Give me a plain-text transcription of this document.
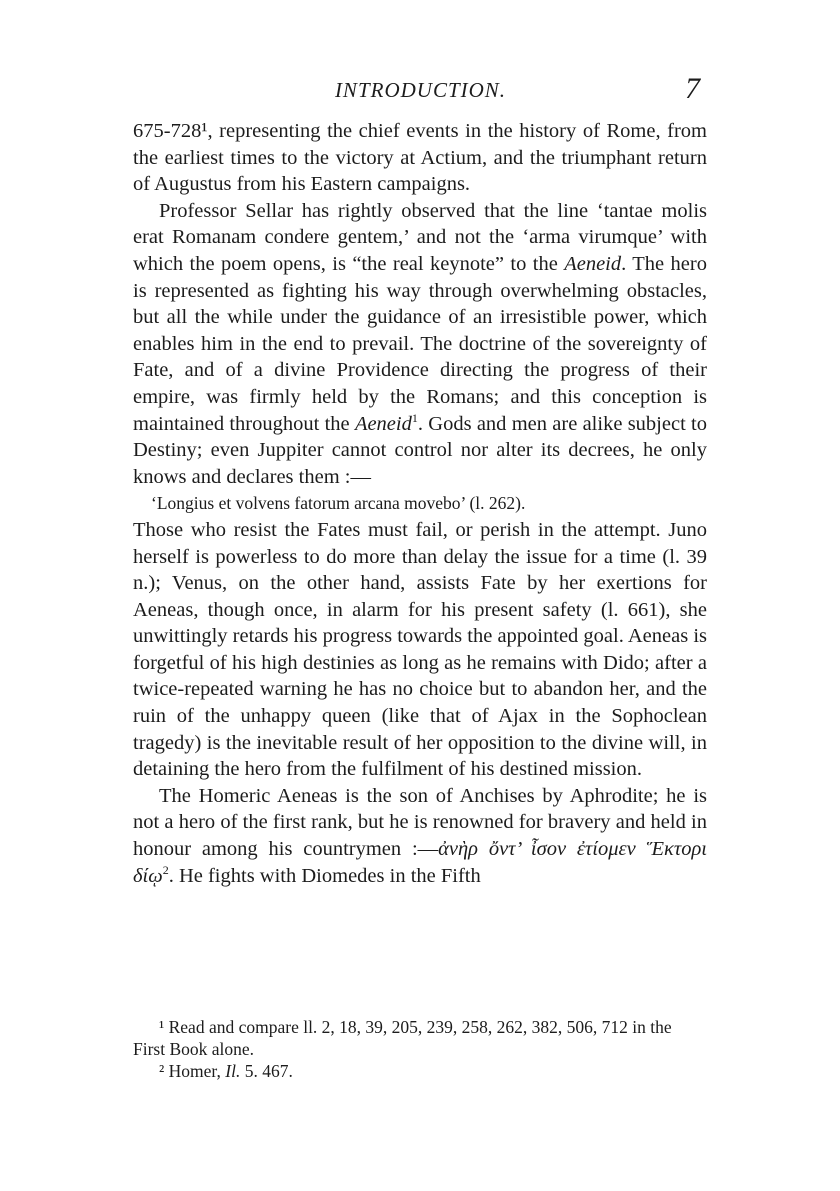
INTRODUCTION.	7

675-728¹, representing the chief events in the history of Rome, from the earliest times to the victory at Actium, and the triumphant return of Augustus from his Eastern campaigns.

Professor Sellar has rightly observed that the line ‘tantae molis erat Romanam condere gentem,’ and not the ‘arma virumque’ with which the poem opens, is “the real keynote” to the Aeneid. The hero is represented as fighting his way through overwhelming obstacles, but all the while under the guidance of an irresistible power, which enables him in the end to prevail. The doctrine of the sovereignty of Fate, and of a divine Providence directing the progress of their empire, was firmly held by the Romans; and this conception is maintained throughout the Aeneid$^1$. Gods and men are alike subject to Destiny; even Juppiter cannot control nor alter its decrees, he only knows and declares them :—

‘Longius et volvens fatorum arcana movebo’ (l. 262).

Those who resist the Fates must fail, or perish in the attempt. Juno herself is powerless to do more than delay the issue for a time (l. 39 n.); Venus, on the other hand, assists Fate by her exertions for Aeneas, though once, in alarm for his present safety (l. 661), she unwittingly retards his progress towards the appointed goal. Aeneas is forgetful of his high destinies as long as he remains with Dido; after a twice-repeated warning he has no choice but to abandon her, and the ruin of the unhappy queen (like that of Ajax in the Sophoclean tragedy) is the inevitable result of her opposition to the divine will, in detaining the hero from the fulfilment of his destined mission.

The Homeric Aeneas is the son of Anchises by Aphrodite; he is not a hero of the first rank, but he is renowned for bravery and held in honour among his countrymen :—ἀνὴρ ὄντ’ ἶσον ἐτίομεν Ἕκτορι δίῳ$^2$. He fights with Diomedes in the Fifth

¹ Read and compare ll. 2, 18, 39, 205, 239, 258, 262, 382, 506, 712 in the First Book alone.

² Homer, Il. 5. 467.
